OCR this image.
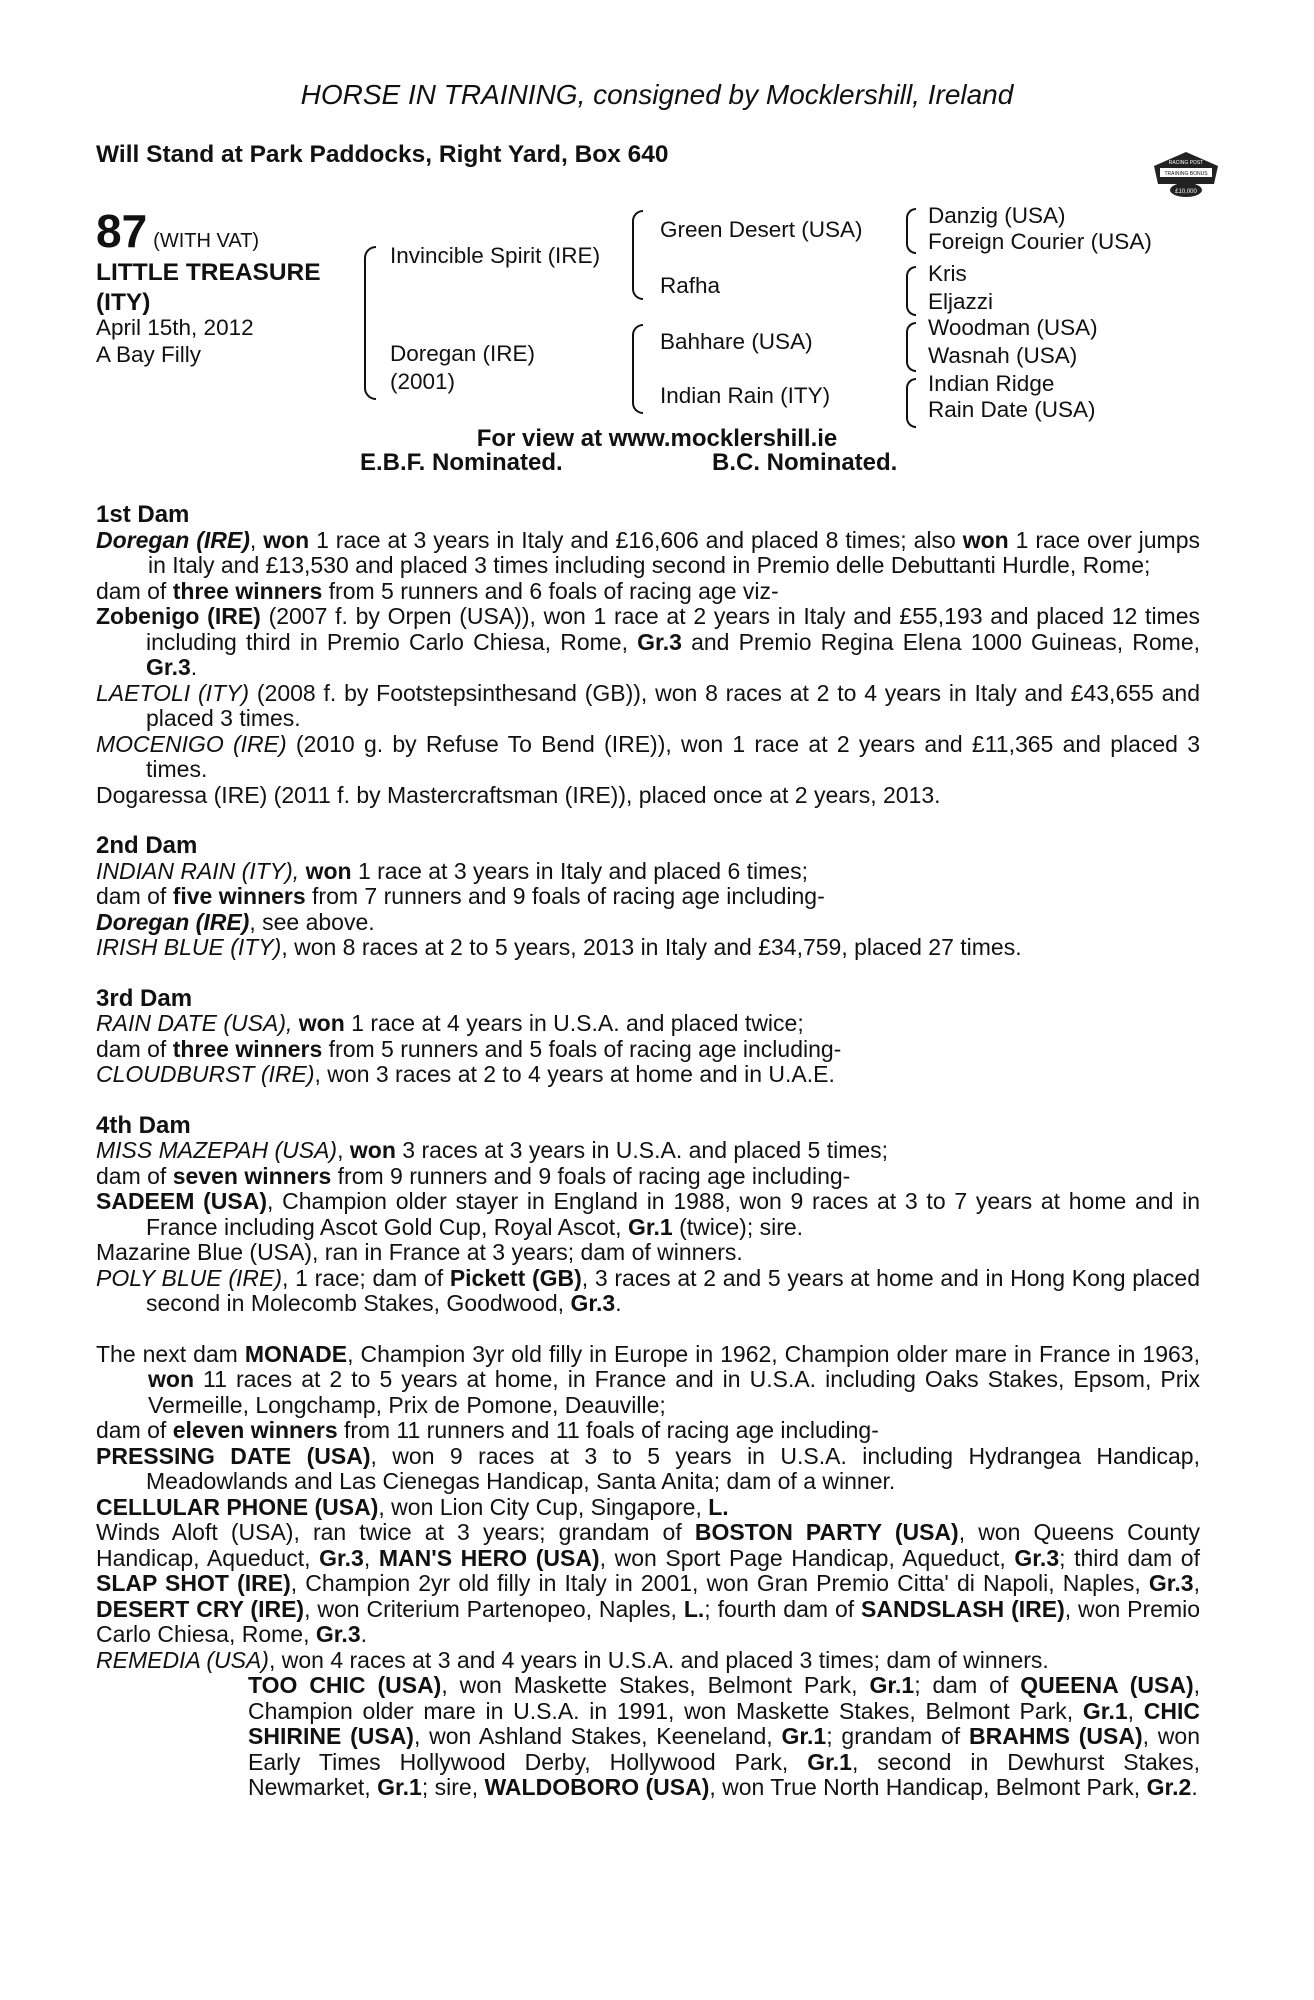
HORSE IN TRAINING, consigned by Mocklershill, Ireland
Will Stand at Park Paddocks, Right Yard, Box 640	RACING POST
TRAINING BONUS
£10,000
87 (WITH VAT)
LITTLE TREASURE
(ITY)
April 15th, 2012
A Bay Filly
Invincible Spirit (IRE)
Doregan (IRE)
(2001)
Green Desert (USA)
Rafha
Bahhare (USA)
Indian Rain (ITY)
Danzig (USA)
Foreign Courier (USA)
Kris
Eljazzi
Woodman (USA)
Wasnah (USA)
Indian Ridge
Rain Date (USA)
For view at www.mocklershill.ie
E.B.F. Nominated.	B.C. Nominated.

1st Dam

Doregan (IRE), won 1 race at 3 years in Italy and £16,606 and placed 8 times; also won 1 race over jumps in Italy and £13,530 and placed 3 times including second in Premio delle Debuttanti Hurdle, Rome;

dam of three winners from 5 runners and 6 foals of racing age viz-

Zobenigo (IRE) (2007 f. by Orpen (USA)), won 1 race at 2 years in Italy and £55,193 and placed 12 times including third in Premio Carlo Chiesa, Rome, Gr.3 and Premio Regina Elena 1000 Guineas, Rome, Gr.3.

LAETOLI (ITY) (2008 f. by Footstepsinthesand (GB)), won 8 races at 2 to 4 years in Italy and £43,655 and placed 3 times.

MOCENIGO (IRE) (2010 g. by Refuse To Bend (IRE)), won 1 race at 2 years and £11,365 and placed 3 times.

Dogaressa (IRE) (2011 f. by Mastercraftsman (IRE)), placed once at 2 years, 2013.

2nd Dam

INDIAN RAIN (ITY), won 1 race at 3 years in Italy and placed 6 times;

dam of five winners from 7 runners and 9 foals of racing age including-

Doregan (IRE), see above.

IRISH BLUE (ITY), won 8 races at 2 to 5 years, 2013 in Italy and £34,759, placed 27 times.

3rd Dam

RAIN DATE (USA), won 1 race at 4 years in U.S.A. and placed twice;

dam of three winners from 5 runners and 5 foals of racing age including-

CLOUDBURST (IRE), won 3 races at 2 to 4 years at home and in U.A.E.

4th Dam

MISS MAZEPAH (USA), won 3 races at 3 years in U.S.A. and placed 5 times;

dam of seven winners from 9 runners and 9 foals of racing age including-

SADEEM (USA), Champion older stayer in England in 1988, won 9 races at 3 to 7 years at home and in France including Ascot Gold Cup, Royal Ascot, Gr.1 (twice); sire.

Mazarine Blue (USA), ran in France at 3 years; dam of winners.

POLY BLUE (IRE), 1 race; dam of Pickett (GB), 3 races at 2 and 5 years at home and in Hong Kong placed second in Molecomb Stakes, Goodwood, Gr.3.

The next dam MONADE, Champion 3yr old filly in Europe in 1962, Champion older mare in France in 1963, won 11 races at 2 to 5 years at home, in France and in U.S.A. including Oaks Stakes, Epsom, Prix Vermeille, Longchamp, Prix de Pomone, Deauville;

dam of eleven winners from 11 runners and 11 foals of racing age including-

PRESSING DATE (USA), won 9 races at 3 to 5 years in U.S.A. including Hydrangea Handicap, Meadowlands and Las Cienegas Handicap, Santa Anita; dam of a winner.

CELLULAR PHONE (USA), won Lion City Cup, Singapore, L.

Winds Aloft (USA), ran twice at 3 years; grandam of BOSTON PARTY (USA), won Queens County Handicap, Aqueduct, Gr.3, MAN'S HERO (USA), won Sport Page Handicap, Aqueduct, Gr.3; third dam of SLAP SHOT (IRE), Champion 2yr old filly in Italy in 2001, won Gran Premio Citta' di Napoli, Naples, Gr.3, DESERT CRY (IRE), won Criterium Partenopeo, Naples, L.; fourth dam of SANDSLASH (IRE), won Premio Carlo Chiesa, Rome, Gr.3.

REMEDIA (USA), won 4 races at 3 and 4 years in U.S.A. and placed 3 times; dam of winners.

TOO CHIC (USA), won Maskette Stakes, Belmont Park, Gr.1; dam of QUEENA (USA), Champion older mare in U.S.A. in 1991, won Maskette Stakes, Belmont Park, Gr.1, CHIC SHIRINE (USA), won Ashland Stakes, Keeneland, Gr.1; grandam of BRAHMS (USA), won Early Times Hollywood Derby, Hollywood Park, Gr.1, second in Dewhurst Stakes, Newmarket, Gr.1; sire, WALDOBORO (USA), won True North Handicap, Belmont Park, Gr.2.
